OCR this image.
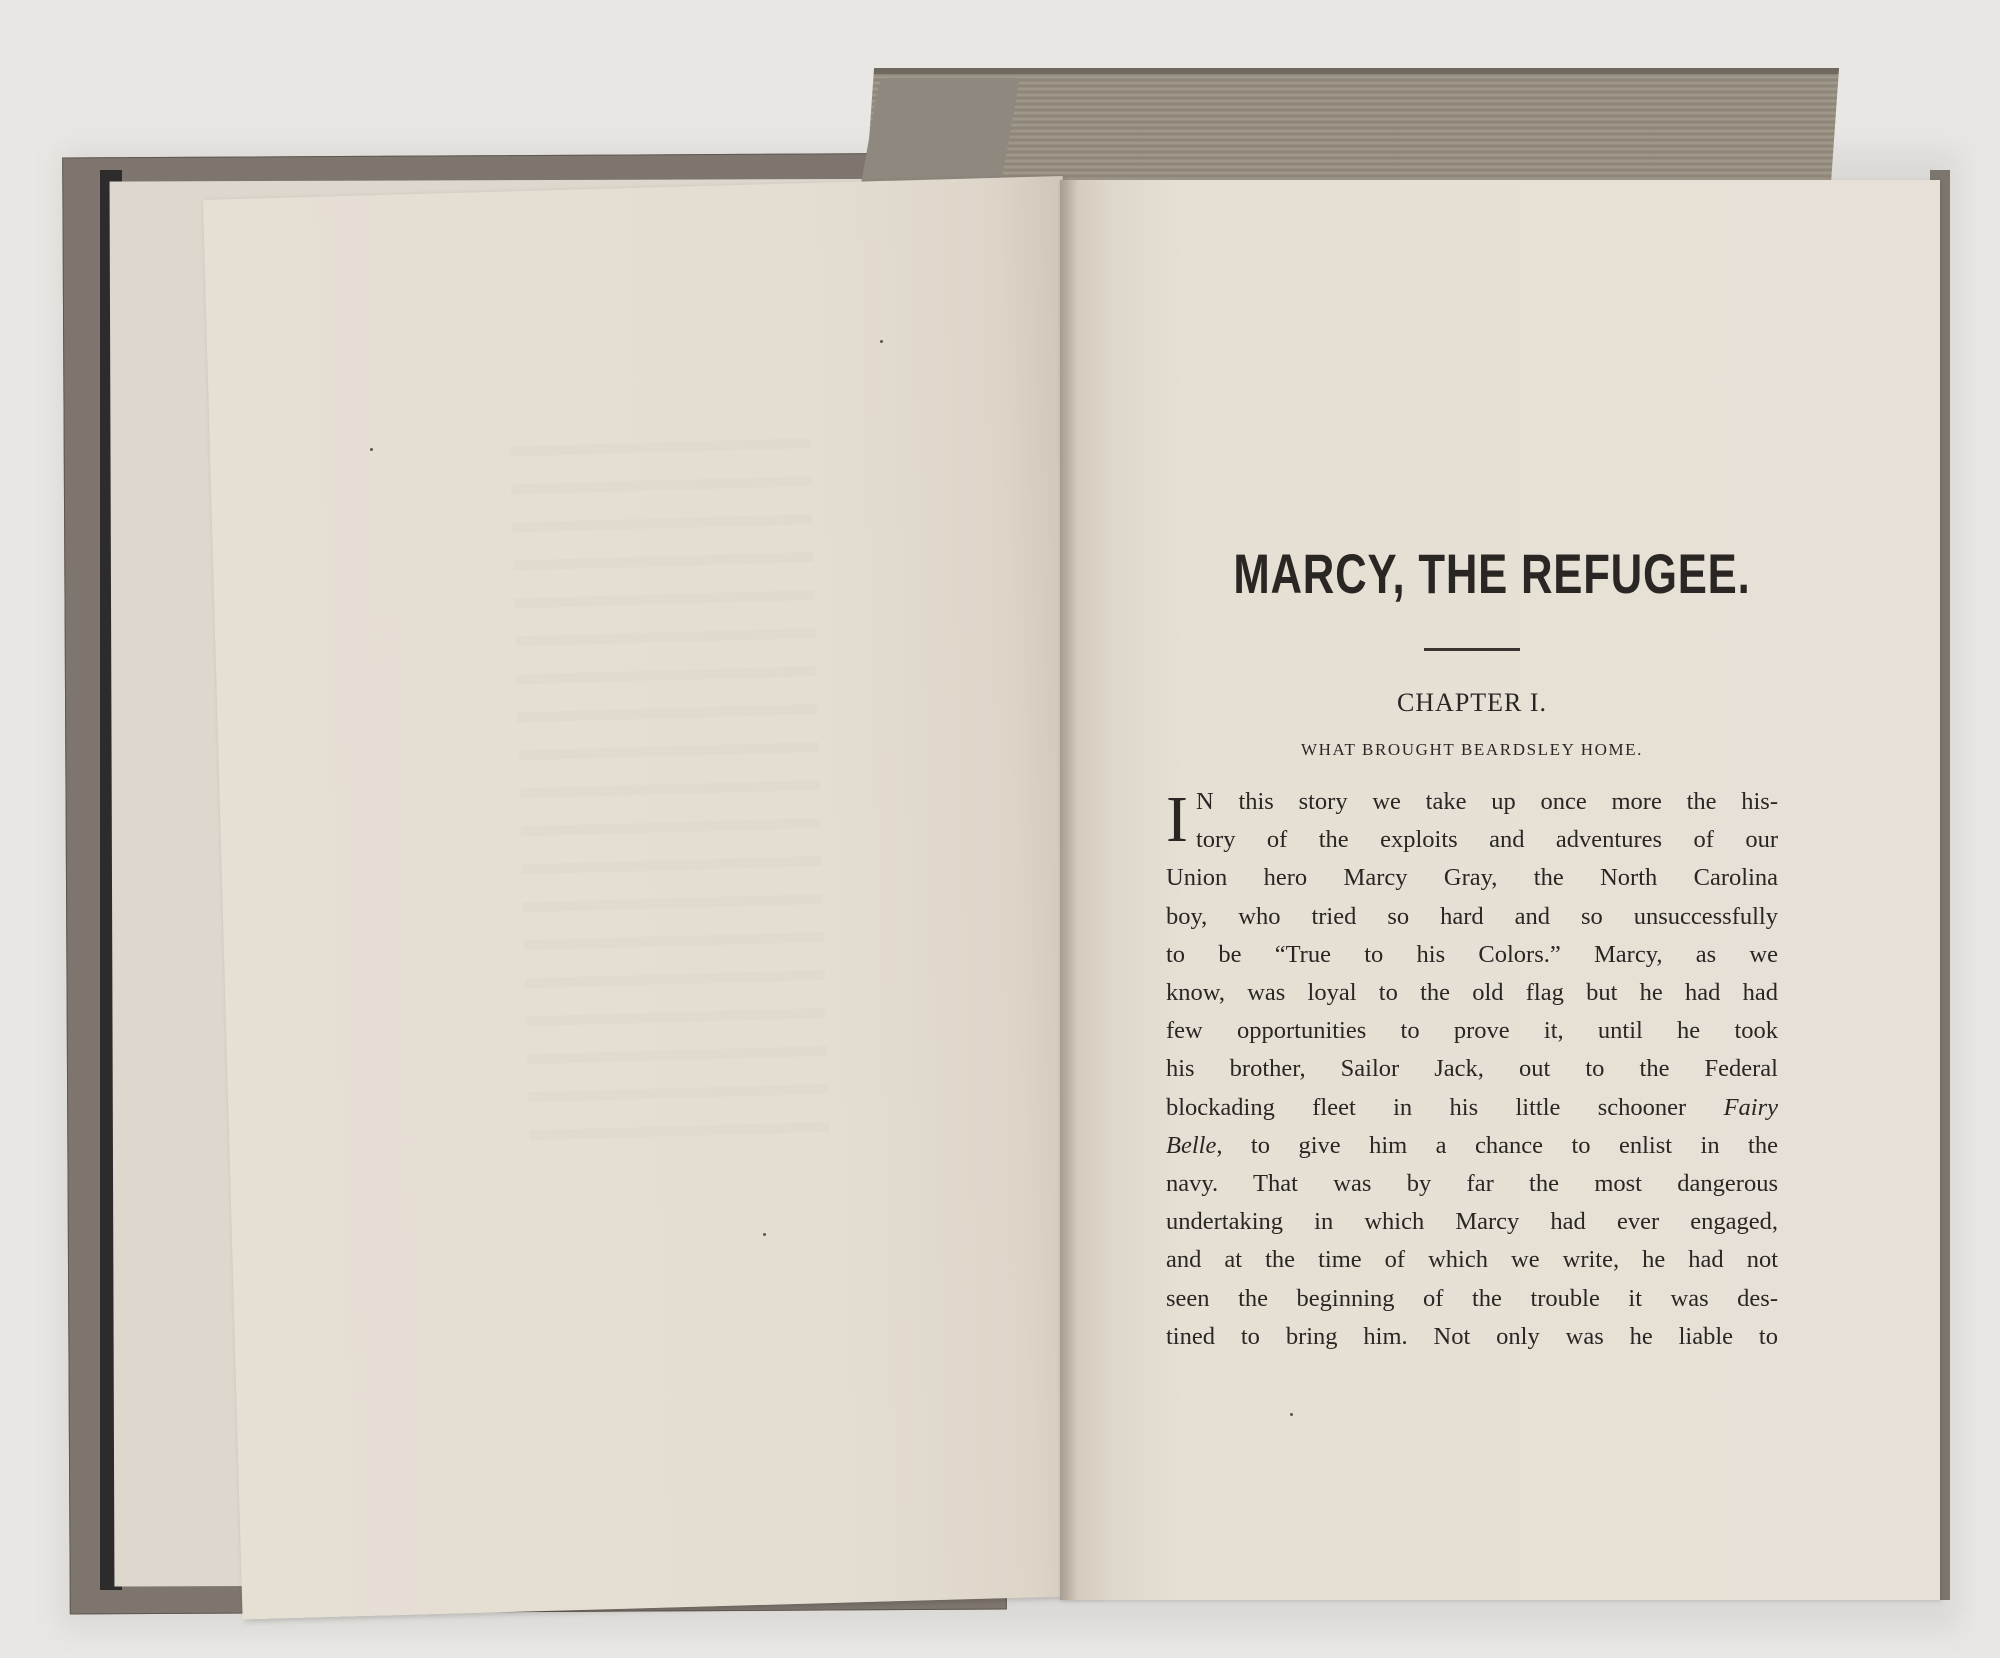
MARCY, THE REFUGEE.
CHAPTER I.
WHAT BROUGHT BEARDSLEY HOME.
I N this story we take up once more the his-
tory of the exploits and adventures of our
Union hero Marcy Gray, the North Carolina
boy, who tried so hard and so unsuccessfully
to be “True to his Colors.” Marcy, as we
know, was loyal to the old flag but he had had
few opportunities to prove it, until he took
his brother, Sailor Jack, out to the Federal
blockading fleet in his little schooner Fairy
Belle, to give him a chance to enlist in the
navy. That was by far the most dangerous
undertaking in which Marcy had ever engaged,
and at the time of which we write, he had not
seen the beginning of the trouble it was des-
tined to bring him. Not only was he liable to
